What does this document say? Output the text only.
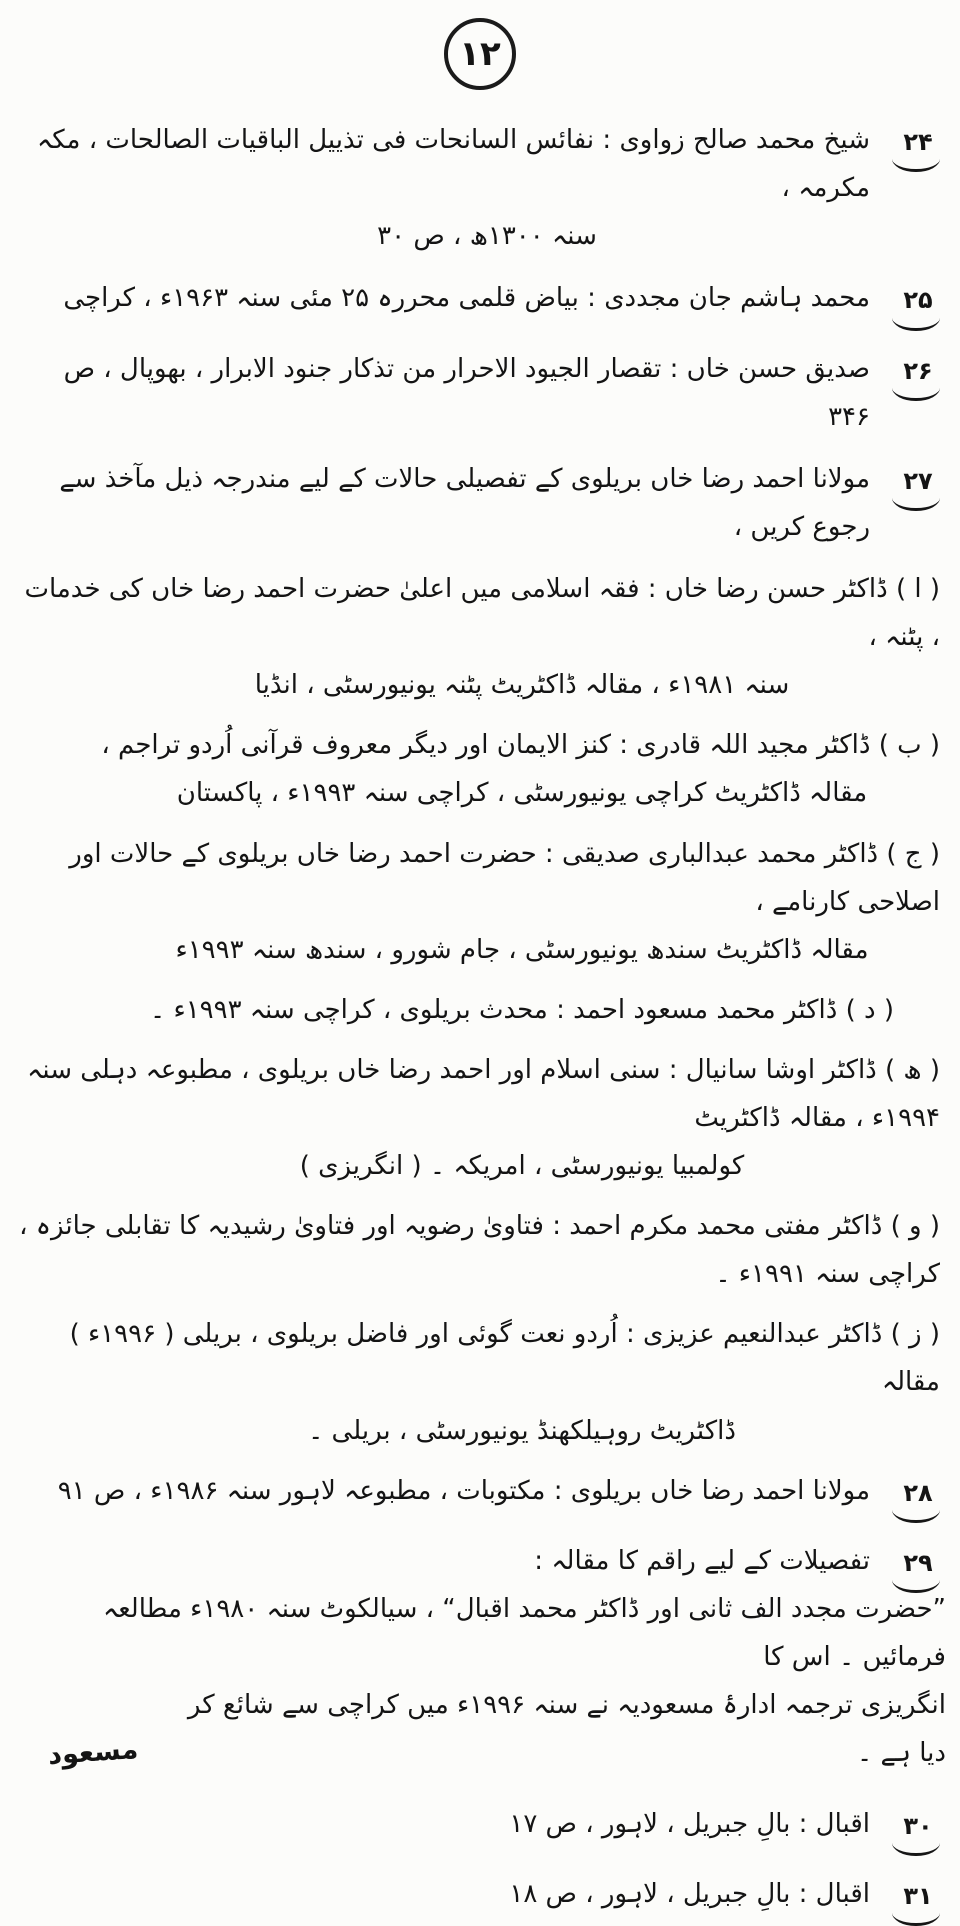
۱۲
۲۴
شیخ محمد صالح زواوی : نفائس السانحات فی تذییل الباقیات الصالحات ، مکہ مکرمہ ،
سنہ ۱۳۰۰ھ ، ص ۳۰
۲۵
محمد ہاشم جان مجددی : بیاض قلمی محررہ ۲۵ مئی سنہ ۱۹۶۳ء ، کراچی
۲۶
صدیق حسن خاں : تقصار الجیود الاحرار من تذکار جنود الابرار ، بھوپال ، ص ۳۴۶
۲۷
مولانا احمد رضا خاں بریلوی کے تفصیلی حالات کے لیے مندرجہ ذیل مآخذ سے رجوع کریں ،
( ا ) ڈاکٹر حسن رضا خاں : فقہ اسلامی میں اعلیٰ حضرت احمد رضا خاں کی خدمات ، پٹنہ ،
سنہ ۱۹۸۱ء ، مقالہ ڈاکٹریٹ پٹنہ یونیورسٹی ، انڈیا
( ب ) ڈاکٹر مجید اللہ قادری : کنز الایمان اور دیگر معروف قرآنی اُردو تراجم ،
مقالہ ڈاکٹریٹ کراچی یونیورسٹی ، کراچی سنہ ۱۹۹۳ء ، پاکستان
( ج ) ڈاکٹر محمد عبدالباری صدیقی : حضرت احمد رضا خاں بریلوی کے حالات اور اصلاحی کارنامے ،
مقالہ ڈاکٹریٹ سندھ یونیورسٹی ، جام شورو ، سندھ سنہ ۱۹۹۳ء
( د ) ڈاکٹر محمد مسعود احمد : محدث بریلوی ، کراچی سنہ ۱۹۹۳ء ۔
( ھ ) ڈاکٹر اوشا سانیال : سنی اسلام اور احمد رضا خاں بریلوی ، مطبوعہ دہلی سنہ ۱۹۹۴ء ، مقالہ ڈاکٹریٹ
کولمبیا یونیورسٹی ، امریکہ ۔ ( انگریزی )
( و ) ڈاکٹر مفتی محمد مکرم احمد : فتاویٰ رضویہ اور فتاویٰ رشیدیہ کا تقابلی جائزہ ، کراچی سنہ ۱۹۹۱ء ۔
( ز ) ڈاکٹر عبدالنعیم عزیزی : اُردو نعت گوئی اور فاضل بریلوی ، بریلی ( ۱۹۹۶ء ) مقالہ
ڈاکٹریٹ روہیلکھنڈ یونیورسٹی ، بریلی ۔
۲۸
مولانا احمد رضا خاں بریلوی : مکتوبات ، مطبوعہ لاہور سنہ ۱۹۸۶ء ، ص ۹۱
۲۹
تفصیلات کے لیے راقم کا مقالہ :
”حضرت مجدد الف ثانی اور ڈاکٹر محمد اقبال“ ، سیالکوٹ سنہ ۱۹۸۰ء مطالعہ فرمائیں ۔ اس کا
انگریزی ترجمہ ادارۂ مسعودیہ نے سنہ ۱۹۹۶ء میں کراچی سے شائع کر دیا ہے ۔
مسعود
۳۰
اقبال : بالِ جبریل ، لاہور ، ص ۱۷
۳۱
اقبال : بالِ جبریل ، لاہور ، ص ۱۸
